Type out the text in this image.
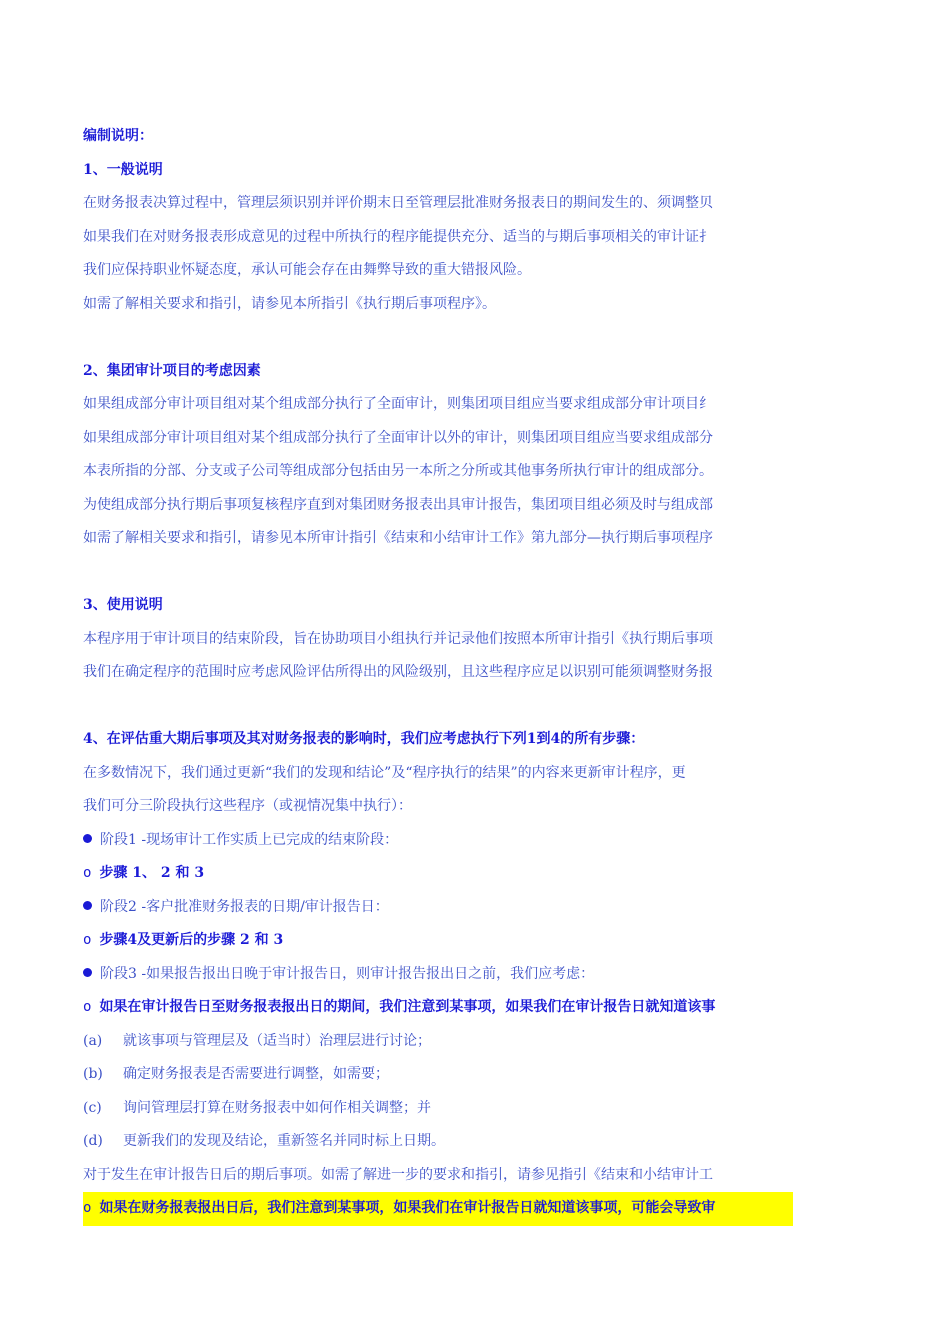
编制说明：
1、一般说明
在财务报表决算过程中，管理层须识别并评价期末日至管理层批准财务报表日的期间发生的、须调整贝
如果我们在对财务报表形成意见的过程中所执行的程序能提供充分、适当的与期后事项相关的审计证扌
我们应保持职业怀疑态度，承认可能会存在由舞弊导致的重大错报风险。
如需了解相关要求和指引，请参见本所指引《执行期后事项程序》。
2、集团审计项目的考虑因素
如果组成部分审计项目组对某个组成部分执行了全面审计，则集团项目组应当要求组成部分审计项目纟
如果组成部分审计项目组对某个组成部分执行了全面审计以外的审计，则集团项目组应当要求组成部分
本表所指的分部、分支或子公司等组成部分包括由另一本所之分所或其他事务所执行审计的组成部分。
为使组成部分执行期后事项复核程序直到对集团财务报表出具审计报告，集团项目组必须及时与组成部
如需了解相关要求和指引，请参见本所审计指引《结束和小结审计工作》第九部分—执行期后事项程序
3、使用说明
本程序用于审计项目的结束阶段，旨在协助项目小组执行并记录他们按照本所审计指引《执行期后事项
我们在确定程序的范围时应考虑风险评估所得出的风险级别，且这些程序应足以识别可能须调整财务报
4、在评估重大期后事项及其对财务报表的影响时，我们应考虑执行下列1到4的所有步骤：
在多数情况下，我们通过更新“我们的发现和结论”及“程序执行的结果”的内容来更新审计程序，更
我们可分三阶段执行这些程序（或视情况集中执行）：
阶段1 -现场审计工作实质上已完成的结束阶段：
o 步骤 1、 2 和 3
阶段2 -客户批准财务报表的日期/审计报告日：
o 步骤4及更新后的步骤 2 和 3
阶段3 -如果报告报出日晚于审计报告日，则审计报告报出日之前，我们应考虑：
o 如果在审计报告日至财务报表报出日的期间，我们注意到某事项，如果我们在审计报告日就知道该事
(a) 就该事项与管理层及（适当时）治理层进行讨论；
(b) 确定财务报表是否需要进行调整，如需要；
(c) 询问管理层打算在财务报表中如何作相关调整；并
(d) 更新我们的发现及结论，重新签名并同时标上日期。
对于发生在审计报告日后的期后事项。如需了解进一步的要求和指引，请参见指引《结束和小结审计工
o 如果在财务报表报出日后，我们注意到某事项，如果我们在审计报告日就知道该事项，可能会导致审
